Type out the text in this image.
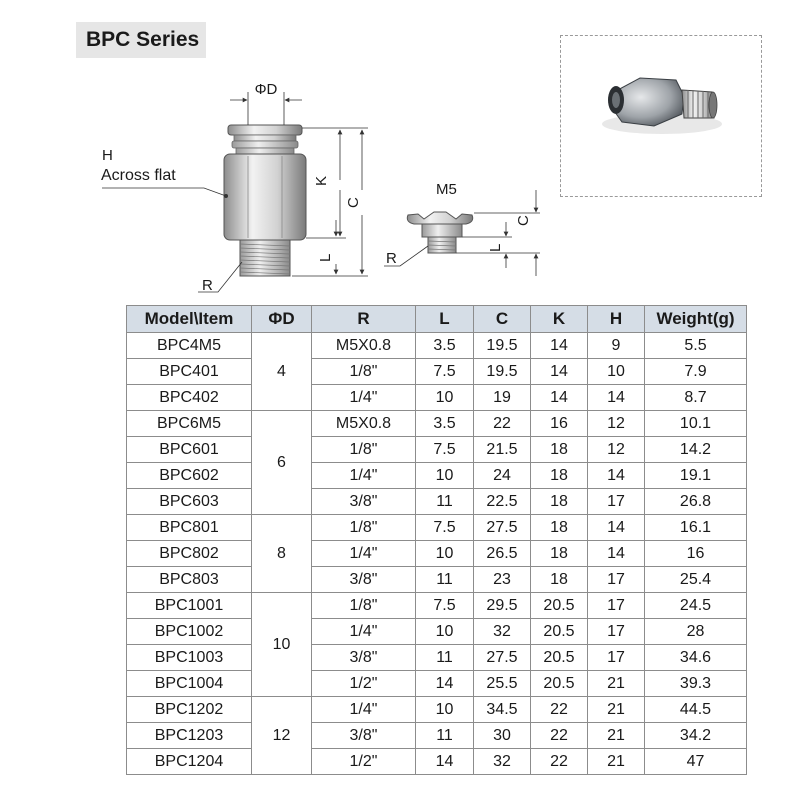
BPC Series
ΦD
H
Across flat
R
K
C
L
M5
R
C
L
Model\Item	ΦD	R	L	C	K	H	Weight(g)
BPC4M5	4	M5X0.8	3.5	19.5	14	9	5.5
BPC401		1/8"	7.5	19.5	14	10	7.9
BPC402		1/4"	10	19	14	14	8.7
BPC6M5	6	M5X0.8	3.5	22	16	12	10.1
BPC601		1/8"	7.5	21.5	18	12	14.2
BPC602		1/4"	10	24	18	14	19.1
BPC603		3/8"	11	22.5	18	17	26.8
BPC801	8	1/8"	7.5	27.5	18	14	16.1
BPC802		1/4"	10	26.5	18	14	16
BPC803		3/8"	11	23	18	17	25.4
BPC1001	10	1/8"	7.5	29.5	20.5	17	24.5
BPC1002		1/4"	10	32	20.5	17	28
BPC1003		3/8"	11	27.5	20.5	17	34.6
BPC1004		1/2"	14	25.5	20.5	21	39.3
BPC1202	12	1/4"	10	34.5	22	21	44.5
BPC1203		3/8"	11	30	22	21	34.2
BPC1204		1/2"	14	32	22	21	47
